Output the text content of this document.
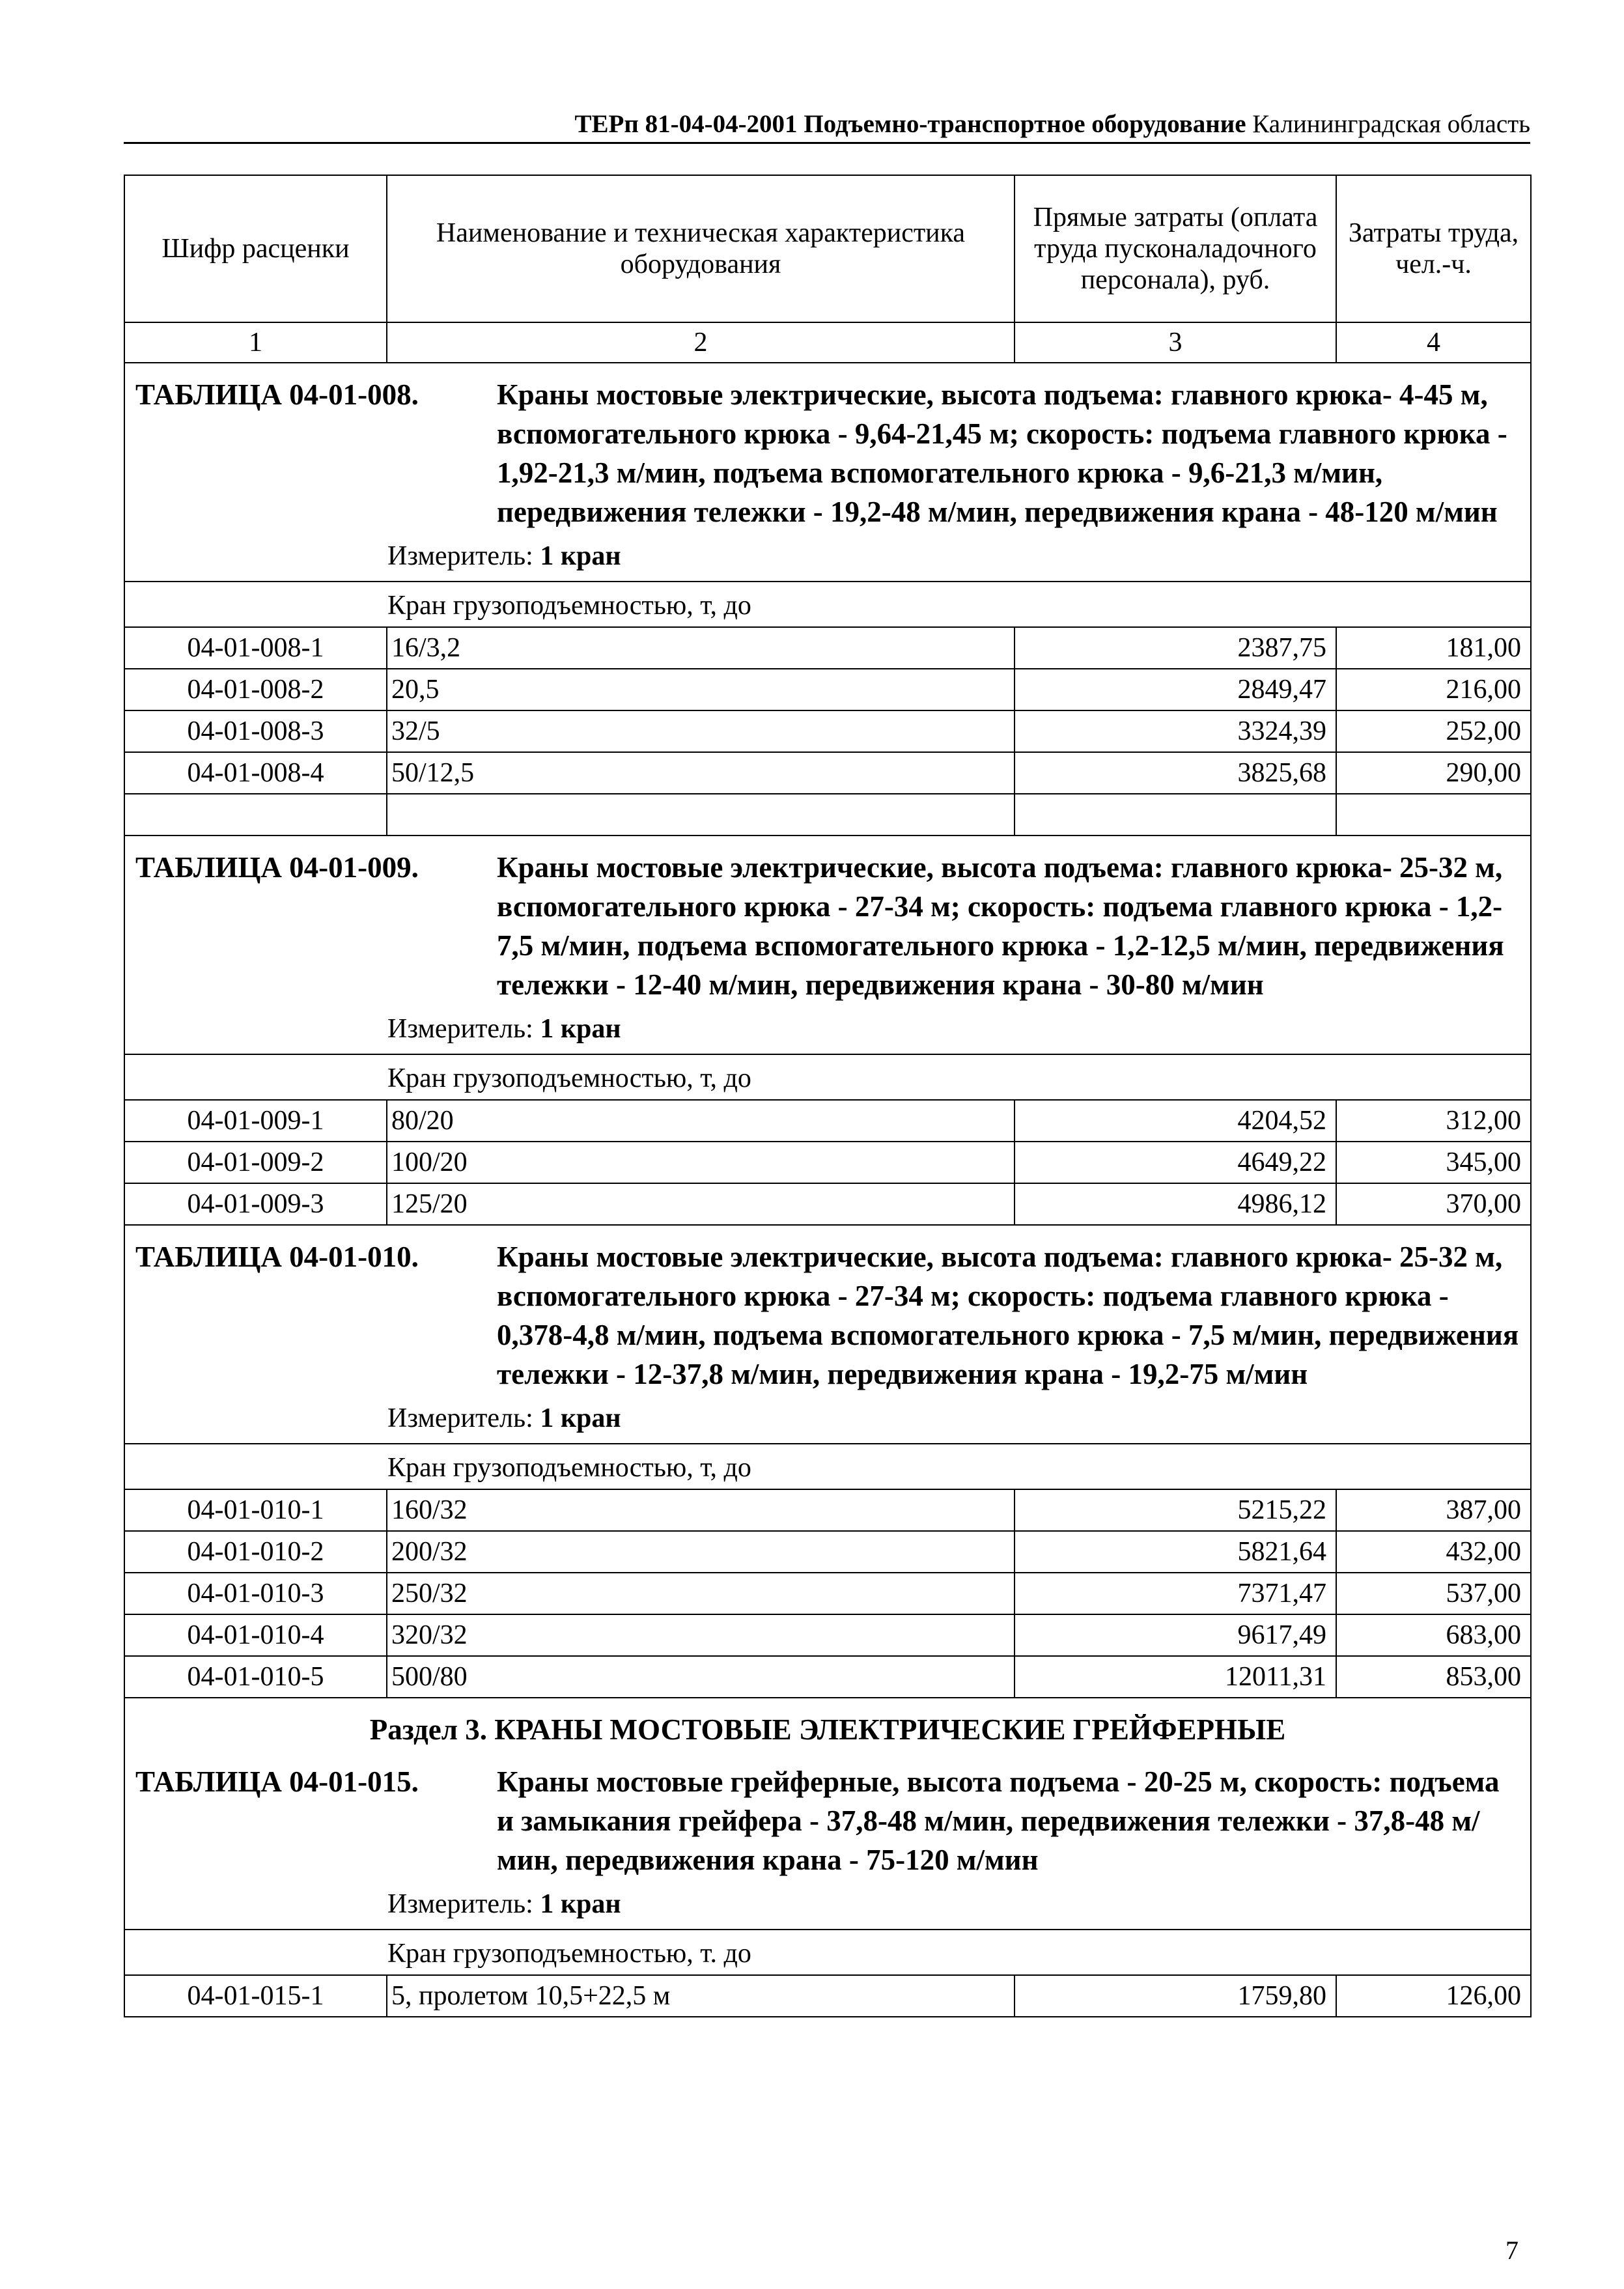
ТЕРп 81-04-04-2001 Подъемно-транспортное оборудование Калининградская область
Шифр расценки	Наименование и техническая характеристика оборудования	Прямые затраты (оплата труда пусконаладочного персонала), руб.	Затраты труда, чел.-ч.
1	2	3	4

ТАБЛИЦА 04-01-008. Краны мостовые электрические, высота подъема: главного крюка- 4-45 м, вспомогательного крюка - 9,64-21,45 м; скорость: подъема главного крюка - 1,92-21,3 м/мин, подъема вспомогательного крюка - 9,6-21,3 м/мин, передвижения тележки - 19,2-48 м/мин, передвижения крана - 48-120 м/мин			

Измеритель: 1 кран			

Кран грузоподъемностью, т, до			
04-01-008-1	16/3,2	2387,75	181,00
04-01-008-2	20,5	2849,47	216,00
04-01-008-3	32/5	3324,39	252,00
04-01-008-4	50/12,5	3825,68	290,00

ТАБЛИЦА 04-01-009. Краны мостовые электрические, высота подъема: главного крюка- 25-32 м, вспомогательного крюка - 27-34 м; скорость: подъема главного крюка - 1,2-7,5 м/мин, подъема вспомогательного крюка - 1,2-12,5 м/мин, передвижения тележки - 12-40 м/мин, передвижения крана - 30-80 м/мин			

Измеритель: 1 кран			

Кран грузоподъемностью, т, до			
04-01-009-1	80/20	4204,52	312,00
04-01-009-2	100/20	4649,22	345,00
04-01-009-3	125/20	4986,12	370,00

ТАБЛИЦА 04-01-010. Краны мостовые электрические, высота подъема: главного крюка- 25-32 м, вспомогательного крюка - 27-34 м; скорость: подъема главного крюка - 0,378-4,8 м/мин, подъема вспомогательного крюка - 7,5 м/мин, передвижения тележки - 12-37,8 м/мин, передвижения крана - 19,2-75 м/мин			

Измеритель: 1 кран			

Кран грузоподъемностью, т, до			
04-01-010-1	160/32	5215,22	387,00
04-01-010-2	200/32	5821,64	432,00
04-01-010-3	250/32	7371,47	537,00
04-01-010-4	320/32	9617,49	683,00
04-01-010-5	500/80	12011,31	853,00

Раздел 3. КРАНЫ МОСТОВЫЕ ЭЛЕКТРИЧЕСКИЕ ГРЕЙФЕРНЫЕ
ТАБЛИЦА 04-01-015. Краны мостовые грейферные, высота подъема - 20-25 м, скорость: подъема и замыкания грейфера - 37,8-48 м/мин, передвижения тележки - 37,8-48 м/мин, передвижения крана - 75-120 м/мин			

Измеритель: 1 кран			

Кран грузоподъемностью, т. до			
04-01-015-1	5, пролетом 10,5+22,5 м	1759,80	126,00
7
